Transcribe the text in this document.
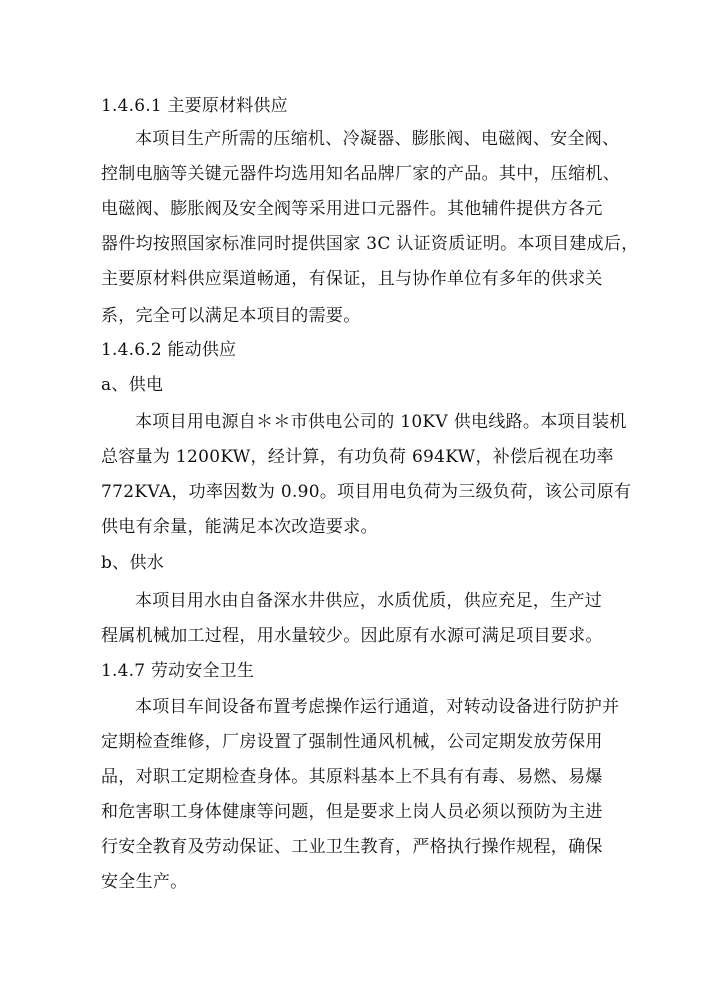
1.4.6.1 主要原材料供应
本项目生产所需的压缩机、冷凝器、膨胀阀、电磁阀、安全阀、
控制电脑等关键元器件均选用知名品牌厂家的产品。其中，压缩机、
电磁阀、膨胀阀及安全阀等采用进口元器件。其他辅件提供方各元
器件均按照国家标准同时提供国家 3C 认证资质证明。本项目建成后，
主要原材料供应渠道畅通，有保证，且与协作单位有多年的供求关
系，完全可以满足本项目的需要。
1.4.6.2 能动供应
a、供电
本项目用电源自＊＊市供电公司的 10KV 供电线路。本项目装机
总容量为 1200KW，经计算，有功负荷 694KW，补偿后视在功率
772KVA，功率因数为 0.90。项目用电负荷为三级负荷，该公司原有
供电有余量，能满足本次改造要求。
b、供水
本项目用水由自备深水井供应，水质优质，供应充足，生产过
程属机械加工过程，用水量较少。因此原有水源可满足项目要求。
1.4.7 劳动安全卫生
本项目车间设备布置考虑操作运行通道，对转动设备进行防护并
定期检查维修，厂房设置了强制性通风机械，公司定期发放劳保用
品，对职工定期检查身体。其原料基本上不具有有毒、易燃、易爆
和危害职工身体健康等问题，但是要求上岗人员必须以预防为主进
行安全教育及劳动保证、工业卫生教育，严格执行操作规程，确保
安全生产。
